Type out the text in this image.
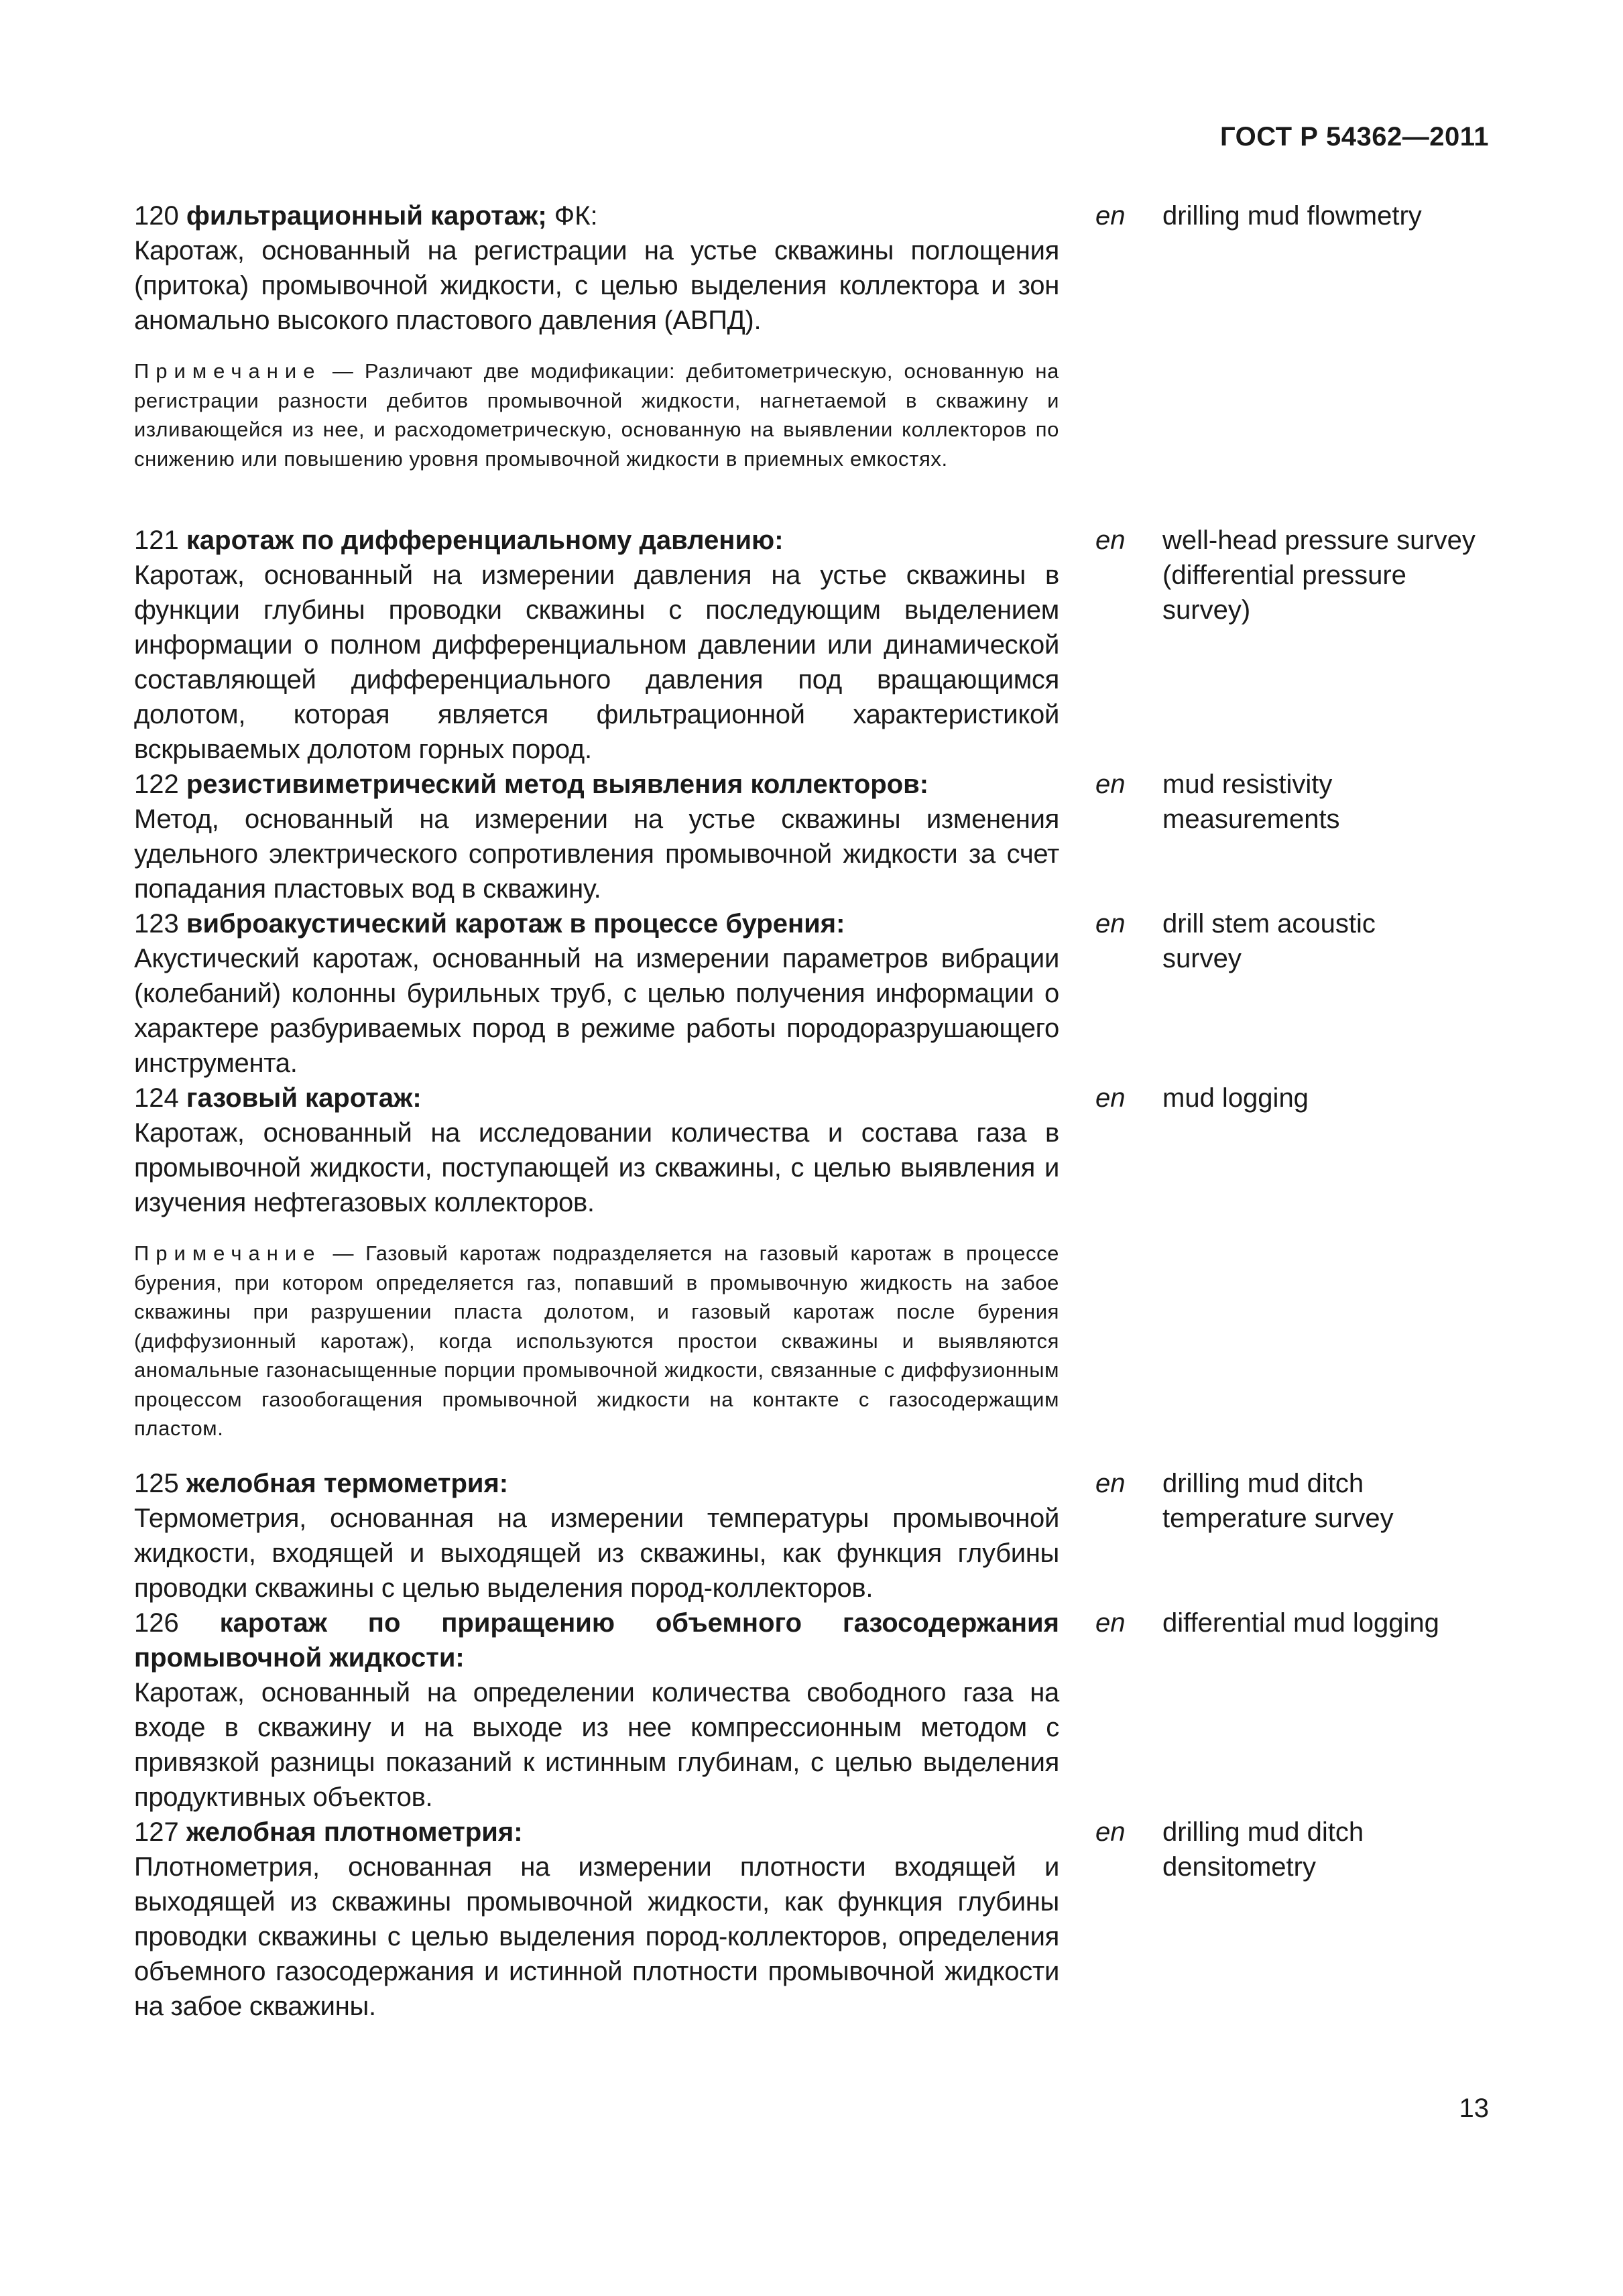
ГОСТ Р 54362—2011
120 фильтрационный каротаж; ФК:
Каротаж, основанный на регистрации на устье скважины поглощения (притока) промывочной жидкости, с целью выделения коллектора и зон аномально высокого пластового давления (АВПД).
Примечание — Различают две модификации: дебитометрическую, основанную на регистрации разности дебитов промывочной жидкости, нагнетаемой в скважину и изливающейся из нее, и расходометрическую, основанную на выявлении коллекторов по снижению или повышению уровня промывочной жидкости в приемных емкостях.
en	drilling mud flowmetry
121 каротаж по дифференциальному давлению:
Каротаж, основанный на измерении давления на устье скважины в функции глубины проводки скважины с последующим выделением информации о полном дифференциальном давлении или динамической составляющей дифференциального давления под вращающимся долотом, которая является фильтрационной характеристикой вскрываемых долотом горных пород.
en	well-head pressure survey
(differential pressure
survey)
122 резистивиметрический метод выявления коллекторов:
Метод, основанный на измерении на устье скважины изменения удельного электрического сопротивления промывочной жидкости за счет попадания пластовых вод в скважину.
en	mud resistivity
measurements
123 виброакустический каротаж в процессе бурения:
Акустический каротаж, основанный на измерении параметров вибрации (колебаний) колонны бурильных труб, с целью получения информации о характере разбуриваемых пород в режиме работы породоразрушающего инструмента.
en	drill stem acoustic
survey
124 газовый каротаж:
Каротаж, основанный на исследовании количества и состава газа в промывочной жидкости, поступающей из скважины, с целью выявления и изучения нефтегазовых коллекторов.
Примечание — Газовый каротаж подразделяется на газовый каротаж в процессе бурения, при котором определяется газ, попавший в промывочную жидкость на забое скважины при разрушении пласта долотом, и газовый каротаж после бурения (диффузионный каротаж), когда используются простои скважины и выявляются аномальные газонасыщенные порции промывочной жидкости, связанные с диффузионным процессом газообогащения промывочной жидкости на контакте с газосодержащим пластом.
en	mud logging
125 желобная термометрия:
Термометрия, основанная на измерении температуры промывочной жидкости, входящей и выходящей из скважины, как функция глубины проводки скважины с целью выделения пород-коллекторов.
en	drilling mud ditch
temperature survey
126 каротаж по приращению объемного газосодержания промывочной жидкости:
Каротаж, основанный на определении количества свободного газа на входе в скважину и на выходе из нее компрессионным методом с привязкой разницы показаний к истинным глубинам, с целью выделения продуктивных объектов.
en	differential mud logging
127 желобная плотнометрия:
Плотнометрия, основанная на измерении плотности входящей и выходящей из скважины промывочной жидкости, как функция глубины проводки скважины с целью выделения пород-коллекторов, определения объемного газосодержания и истинной плотности промывочной жидкости на забое скважины.
en	drilling mud ditch
densitometry
13
